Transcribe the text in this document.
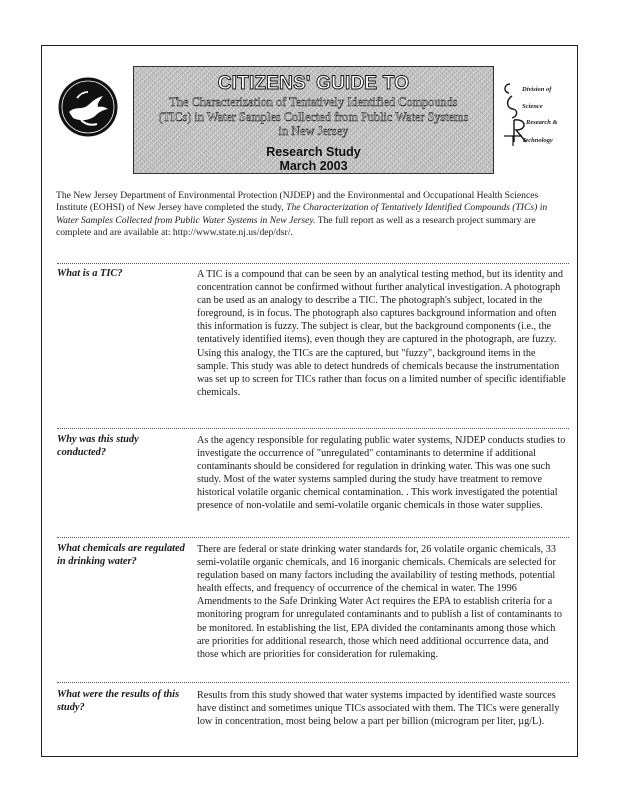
Division of
Science
Research &
Technology
CITIZENS' GUIDE TO
The Characterization of Tentatively Identified Compounds
(TICs) in Water Samples Collected from Public Water Systems
in New Jersey
Research Study
March 2003

The New Jersey Department of Environmental Protection (NJDEP) and the Environmental and Occupational Health Sciences Institute (EOHSI) of New Jersey have completed the study, The Characterization of Tentatively Identified Compounds (TICs) in Water Samples Collected from Public Water Systems in New Jersey. The full report as well as a research project summary are complete and are available at: http://www.state.nj.us/dep/dsr/.

What is a TIC?	A TIC is a compound that can be seen by an analytical testing method, but its identity and concentration cannot be confirmed without further analytical investigation. A photograph can be used as an analogy to describe a TIC. The photograph's subject, located in the foreground, is in focus. The photograph also captures background information and often this information is fuzzy. The subject is clear, but the background components (i.e., the tentatively identified items), even though they are captured in the photograph, are fuzzy. Using this analogy, the TICs are the captured, but "fuzzy", background items in the sample. This study was able to detect hundreds of chemicals because the instrumentation was set up to screen for TICs rather than focus on a limited number of specific identifiable chemicals.
Why was this study conducted?
As the agency responsible for regulating public water systems, NJDEP conducts studies to investigate the occurrence of "unregulated" contaminants to determine if additional contaminants should be considered for regulation in drinking water. This was one such study. Most of the water systems sampled during the study have treatment to remove historical volatile organic chemical contamination. . This work investigated the potential presence of non-volatile and semi-volatile organic chemicals in those water supplies.
What chemicals are regulated in drinking water?
There are federal or state drinking water standards for, 26 volatile organic chemicals, 33 semi-volatile organic chemicals, and 16 inorganic chemicals. Chemicals are selected for regulation based on many factors including the availability of testing methods, potential health effects, and frequency of occurrence of the chemical in water. The 1996 Amendments to the Safe Drinking Water Act requires the EPA to establish criteria for a monitoring program for unregulated contaminants and to publish a list of contaminants to be monitored. In establishing the list, EPA divided the contaminants among those which are priorities for additional research, those which need additional occurrence data, and those which are priorities for consideration for rulemaking.
What were the results of this study?
Results from this study showed that water systems impacted by identified waste sources have distinct and sometimes unique TICs associated with them. The TICs were generally low in concentration, most being below a part per billion (microgram per liter, µg/L).
